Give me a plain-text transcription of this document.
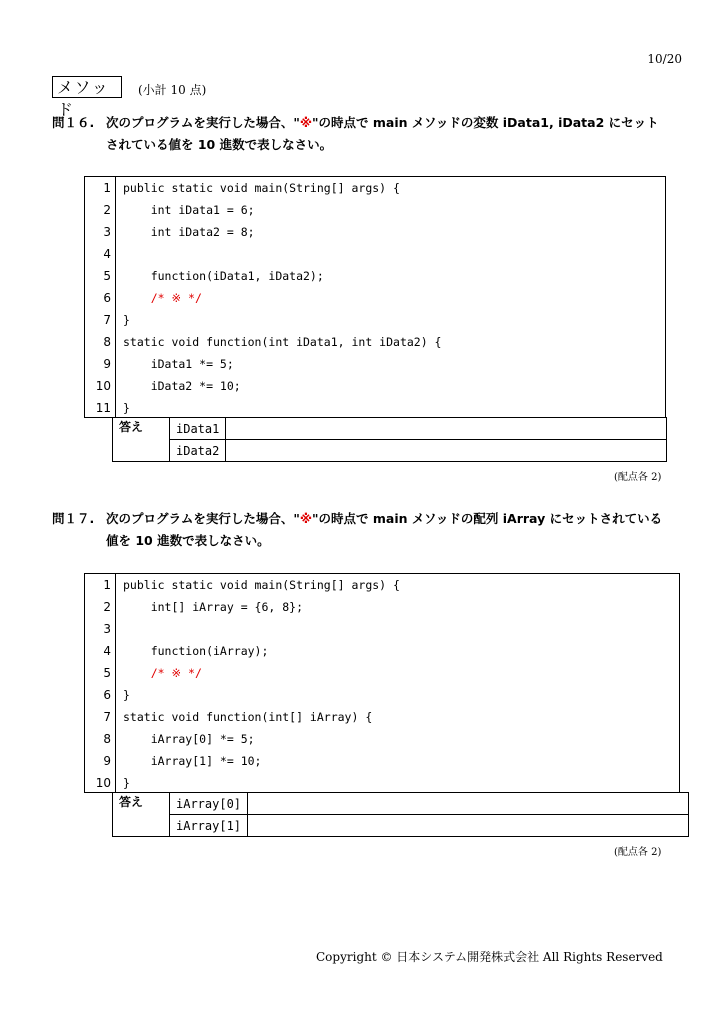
10/20
メソッド
(小計 10 点)
問１６. 次のプログラムを実行した場合、"※"の時点で main メソッドの変数 iData1, iData2 にセット
されている値を 10 進数で表しなさい。
1 public static void main(String[] args) {
2 int iData1 = 6;
3 int iData2 = 8;
4
5 function(iData1, iData2);
6 /* ※ */
7 }
8 static void function(int iData1, int iData2) {
9 iData1 *= 5;
10 iData2 *= 10;
11 }
答え	iData1	
	iData2	
(配点各 2)
問１７. 次のプログラムを実行した場合、"※"の時点で main メソッドの配列 iArray にセットされている
値を 10 進数で表しなさい。
1 public static void main(String[] args) {
2 int[] iArray = {6, 8};
3
4 function(iArray);
5 /* ※ */
6 }
7 static void function(int[] iArray) {
8 iArray[0] *= 5;
9 iArray[1] *= 10;
10 }
答え	iArray[0]	
	iArray[1]	
(配点各 2)
Copyright © 日本システム開発株式会社 All Rights Reserved
